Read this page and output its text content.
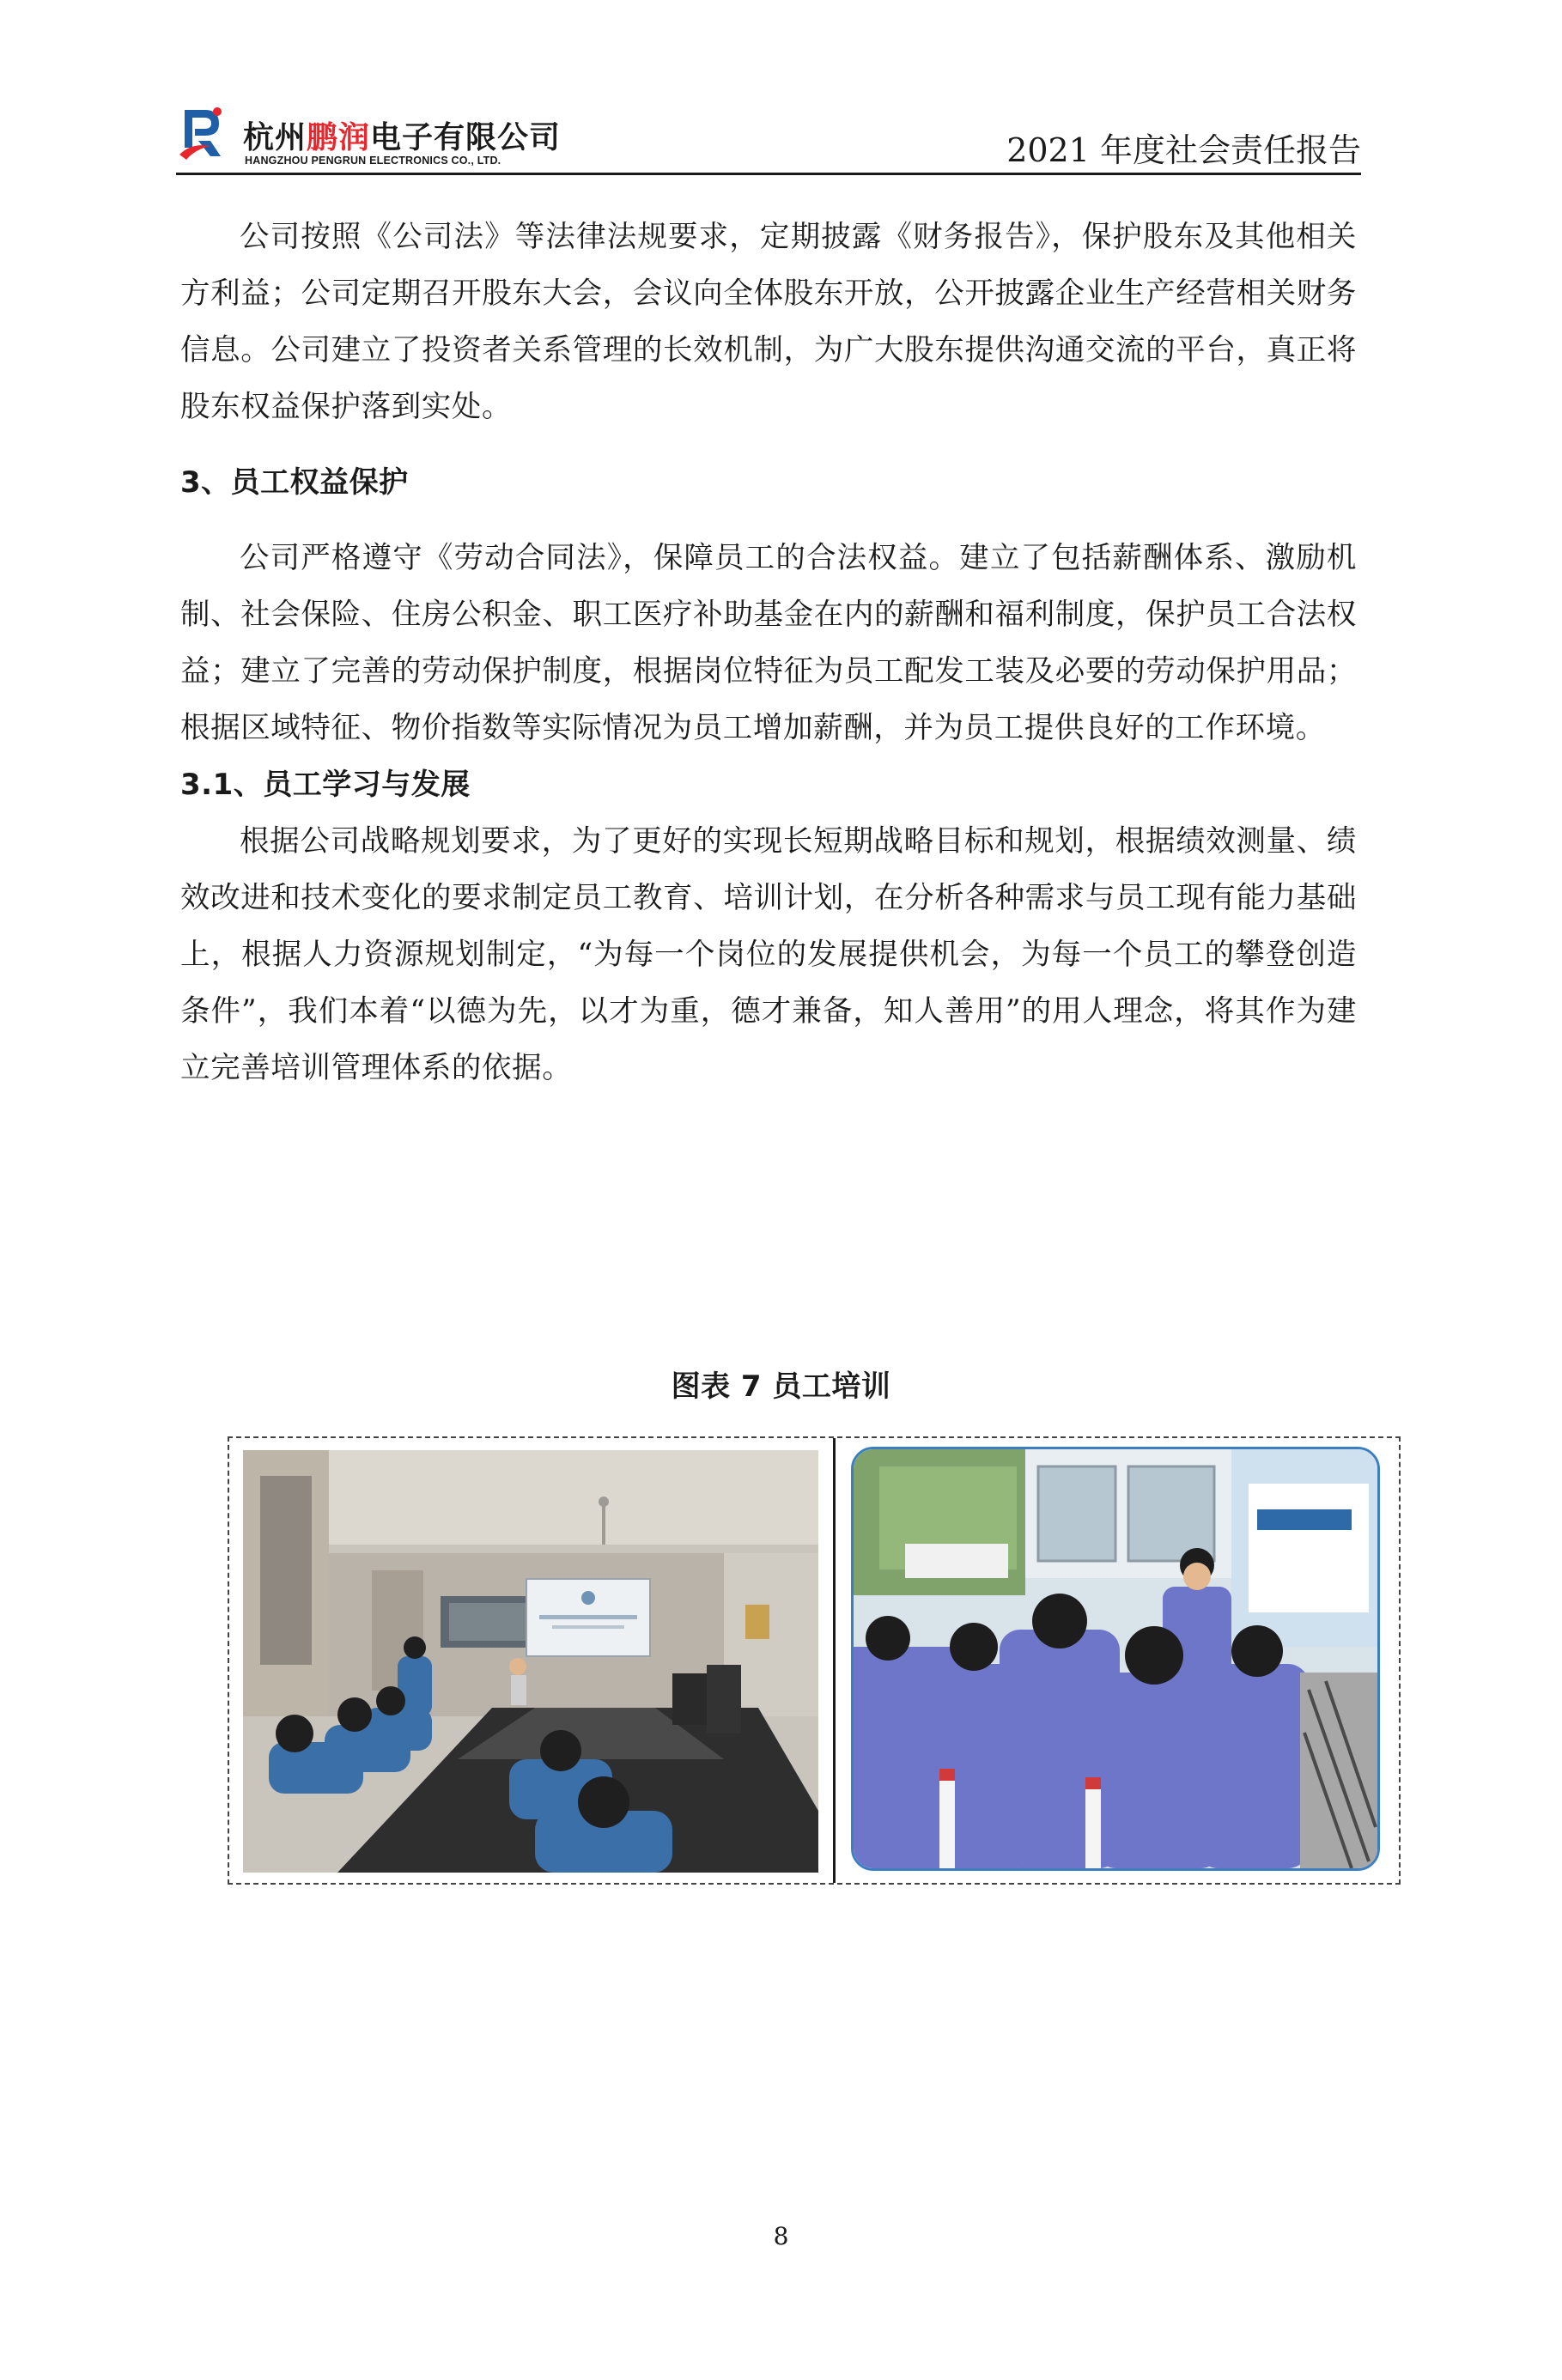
杭州鹏润电子有限公司
HANGZHOU PENGRUN ELECTRONICS CO., LTD.	2021 年度社会责任报告

公司按照《公司法》等法律法规要求，定期披露《财务报告》，保护股东及其他相关方利益；公司定期召开股东大会，会议向全体股东开放，公开披露企业生产经营相关财务信息。公司建立了投资者关系管理的长效机制，为广大股东提供沟通交流的平台，真正将股东权益保护落到实处。

3、员工权益保护

公司严格遵守《劳动合同法》，保障员工的合法权益。建立了包括薪酬体系、激励机制、社会保险、住房公积金、职工医疗补助基金在内的薪酬和福利制度，保护员工合法权益；建立了完善的劳动保护制度，根据岗位特征为员工配发工装及必要的劳动保护用品；根据区域特征、物价指数等实际情况为员工增加薪酬，并为员工提供良好的工作环境。

3.1、员工学习与发展

根据公司战略规划要求，为了更好的实现长短期战略目标和规划，根据绩效测量、绩效改进和技术变化的要求制定员工教育、培训计划，在分析各种需求与员工现有能力基础上，根据人力资源规划制定，“为每一个岗位的发展提供机会，为每一个员工的攀登创造条件”，我们本着“以德为先，以才为重，德才兼备，知人善用”的用人理念，将其作为建立完善培训管理体系的依据。

图表 7 员工培训
8
